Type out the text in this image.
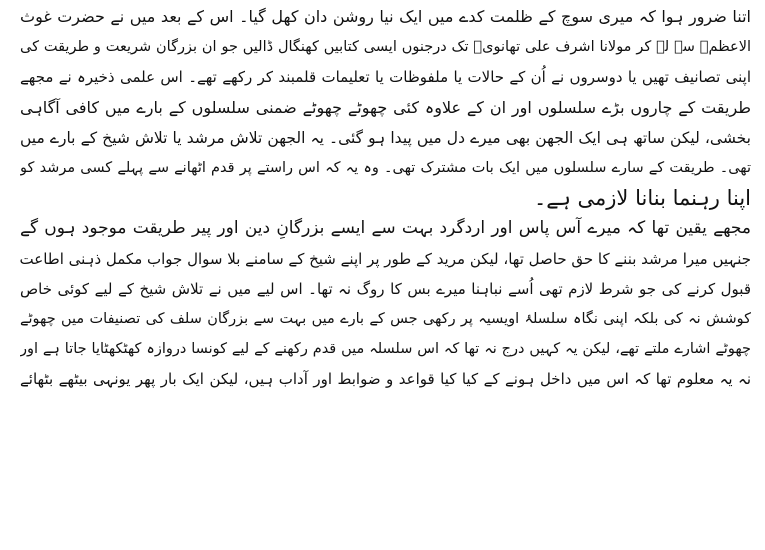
اتنا ضرور ہوا کہ میری سوچ کے ظلمت کدے میں ایک نیا روشن دان کھل گیا۔ اس کے بعد میں نے حضرت غوث
الاعظمؒ سے لے کر مولانا اشرف علی تھانویؒ تک درجنوں ایسی کتابیں کھنگال ڈالیں جو ان بزرگان شریعت و طریقت کی
اپنی تصانیف تھیں یا دوسروں نے اُن کے حالات یا ملفوظات یا تعلیمات قلمبند کر رکھے تھے۔ اس علمی ذخیرہ نے مجھے
طریقت کے چاروں بڑے سلسلوں اور ان کے علاوہ کئی چھوٹے چھوٹے ضمنی سلسلوں کے بارے میں کافی آگاہی
بخشی، لیکن ساتھ ہی ایک الجھن بھی میرے دل میں پیدا ہو گئی۔ یہ الجھن تلاش مرشد یا تلاش شیخ کے بارے میں
تھی۔ طریقت کے سارے سلسلوں میں ایک بات مشترک تھی۔ وہ یہ کہ اس راستے پر قدم اٹھانے سے پہلے کسی مرشد کو
اپنا رہنما بنانا لازمی ہے۔
مجھے یقین تھا کہ میرے آس پاس اور اردگرد بہت سے ایسے بزرگانِ دین اور پیر طریقت موجود ہوں گے
جنہیں میرا مرشد بننے کا حق حاصل تھا، لیکن مرید کے طور پر اپنے شیخ کے سامنے بلا سوال جواب مکمل ذہنی اطاعت
قبول کرنے کی جو شرط لازم تھی اُسے نباہنا میرے بس کا روگ نہ تھا۔ اس لیے میں نے تلاش شیخ کے لیے کوئی خاص
کوشش نہ کی بلکہ اپنی نگاہ سلسلۂ اویسیہ پر رکھی جس کے بارے میں بہت سے بزرگان سلف کی تصنیفات میں چھوٹے
چھوٹے اشارے ملتے تھے، لیکن یہ کہیں درج نہ تھا کہ اس سلسلہ میں قدم رکھنے کے لیے کونسا دروازہ کھٹکھٹایا جاتا ہے اور
نہ یہ معلوم تھا کہ اس میں داخل ہونے کے کیا کیا قواعد و ضوابط اور آداب ہیں، لیکن ایک بار پھر یونہی بیٹھے بٹھائے
